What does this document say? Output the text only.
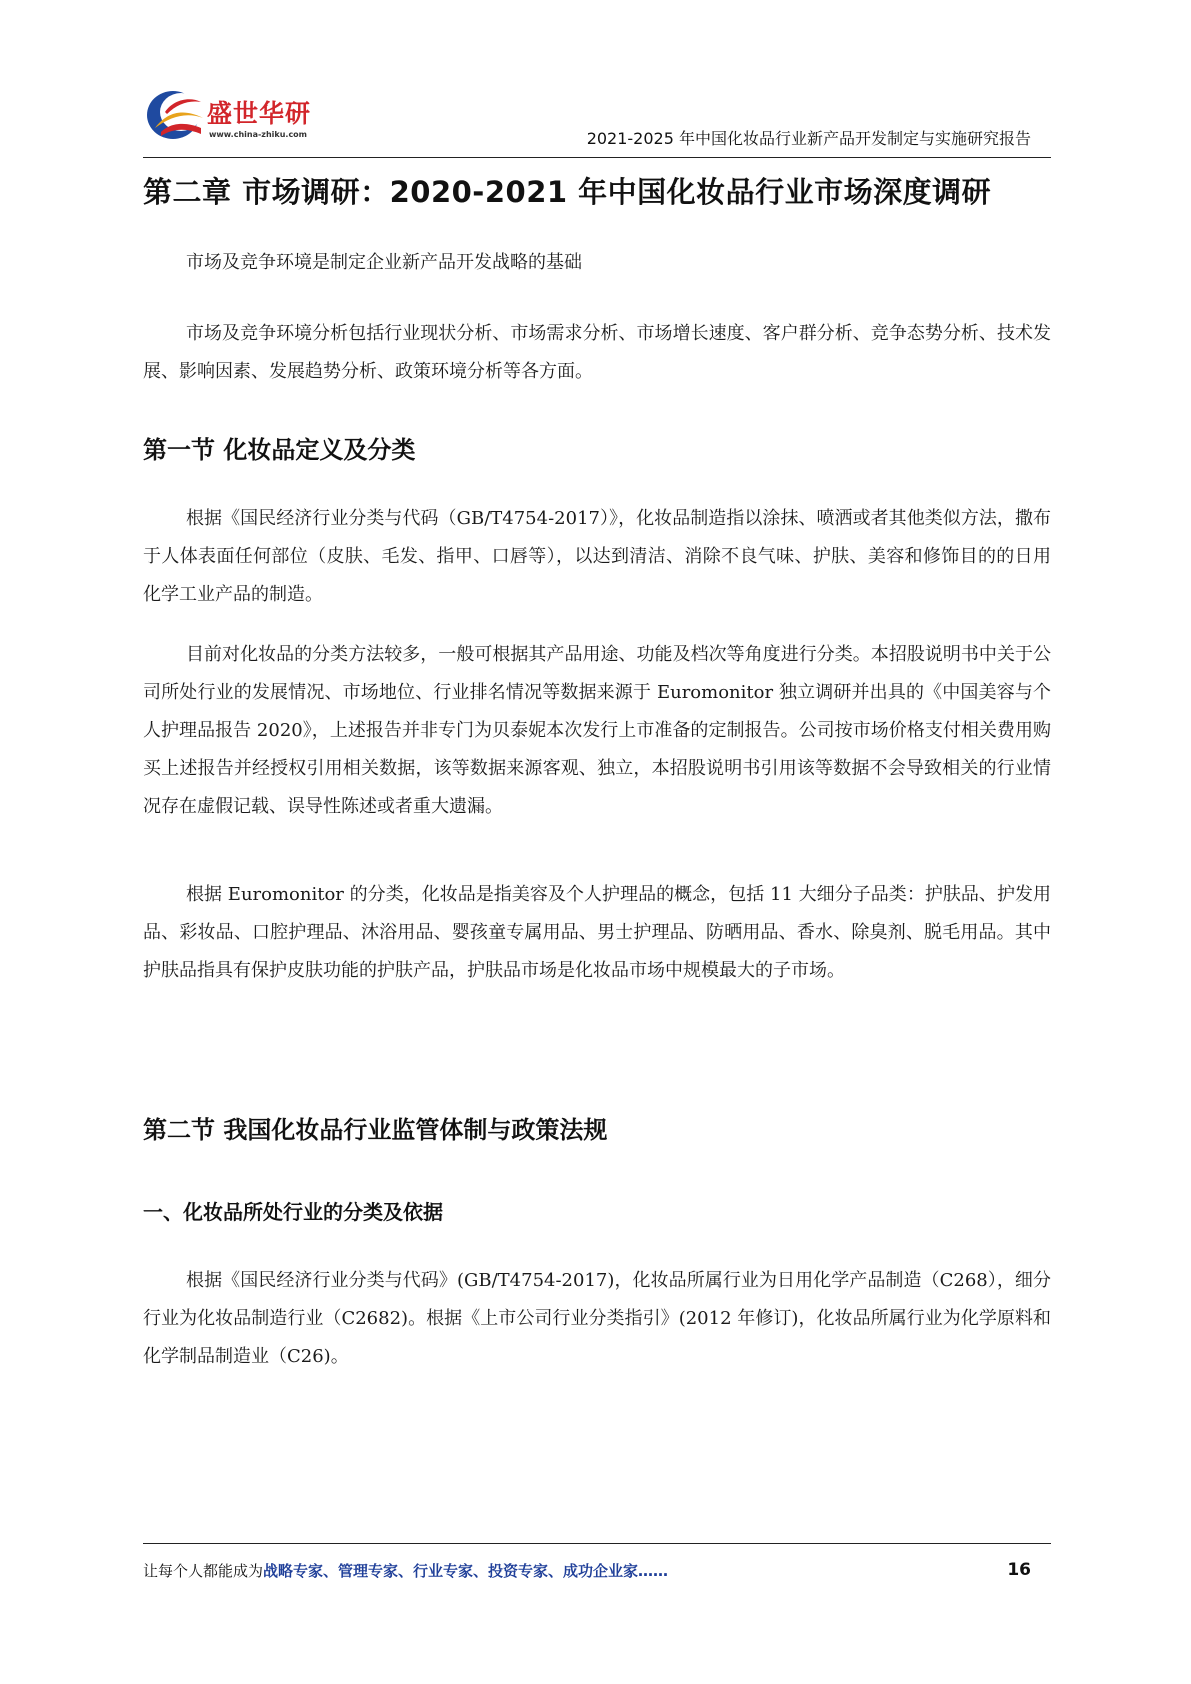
盛世华研
www.china-zhiku.com	2021-2025 年中国化妆品行业新产品开发制定与实施研究报告
第二章 市场调研：2020-2021 年中国化妆品行业市场深度调研

市场及竞争环境是制定企业新产品开发战略的基础

市场及竞争环境分析包括行业现状分析、市场需求分析、市场增长速度、客户群分析、竞争态势分析、技术发展、影响因素、发展趋势分析、政策环境分析等各方面。

第一节 化妆品定义及分类

根据《国民经济行业分类与代码（GB/T4754-2017）》，化妆品制造指以涂抹、喷洒或者其他类似方法，撒布于人体表面任何部位（皮肤、毛发、指甲、口唇等），以达到清洁、消除不良气味、护肤、美容和修饰目的的日用化学工业产品的制造。

目前对化妆品的分类方法较多，一般可根据其产品用途、功能及档次等角度进行分类。本招股说明书中关于公司所处行业的发展情况、市场地位、行业排名情况等数据来源于 Euromonitor 独立调研并出具的《中国美容与个人护理品报告 2020》，上述报告并非专门为贝泰妮本次发行上市准备的定制报告。公司按市场价格支付相关费用购买上述报告并经授权引用相关数据，该等数据来源客观、独立，本招股说明书引用该等数据不会导致相关的行业情况存在虚假记载、误导性陈述或者重大遗漏。

根据 Euromonitor 的分类，化妆品是指美容及个人护理品的概念，包括 11 大细分子品类：护肤品、护发用品、彩妆品、口腔护理品、沐浴用品、婴孩童专属用品、男士护理品、防晒用品、香水、除臭剂、脱毛用品。其中护肤品指具有保护皮肤功能的护肤产品，护肤品市场是化妆品市场中规模最大的子市场。

第二节 我国化妆品行业监管体制与政策法规
一、化妆品所处行业的分类及依据

根据《国民经济行业分类与代码》(GB/T4754-2017)，化妆品所属行业为日用化学产品制造（C268），细分行业为化妆品制造行业（C2682)。根据《上市公司行业分类指引》(2012 年修订)，化妆品所属行业为化学原料和化学制品制造业（C26)。

让每个人都能成为战略专家、管理专家、行业专家、投资专家、成功企业家……	16
